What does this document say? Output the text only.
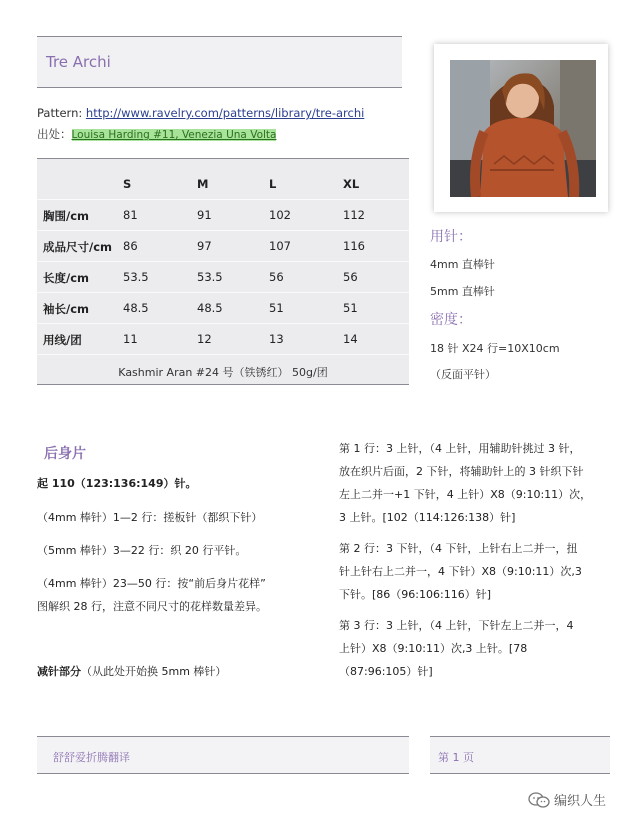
Tre Archi
Pattern: http://www.ravelry.com/patterns/library/tre-archi
出处：Louisa Harding #11, Venezia Una Volta
S	M	L	XL
胸围/cm	81	91	102	112
成品尺寸/cm 86	97	107	116
长度/cm	53.5	53.5	56	56
袖长/cm	48.5	48.5	51	51
用线/团	11	12	13	14
$_{Kashmir Aran \#24 号(铁锈红) 50g/团}$
用针：
4mm 直棒针
5mm 直棒针
密度：
18 针 X24 行=10X10cm
（反面平针）
后身片
起 110（123:136:149）针。
（4mm 棒针）1—2 行：搓板针（都织下针）
（5mm 棒针）3—22 行：织 20 行平针。
（4mm 棒针）23—50 行：按“前后身片花样”
图解织 28 行，注意不同尺寸的花样数量差异。
减针部分（从此处开始换 5mm 棒针）
第 1 行：3 上针，（4 上针，用辅助针挑过 3 针，
放在织片后面，2 下针，将辅助针上的 3 针织下针
左上二并一+1 下针，4 上针）X8（9:10:11）次，
3 上针。[102（114:126:138）针]
第 2 行：3 下针，（4 下针，上针右上二并一，扭
针上针右上二并一，4 下针）X8（9:10:11）次,3
下针。[86（96:106:116）针]
第 3 行：3 上针，（4 上针，下针左上二并一，4
上针）X8（9:10:11）次,3 上针。[78
（87:96:105）针]
舒舒爱折腾翻译	第 1 页
编织人生
